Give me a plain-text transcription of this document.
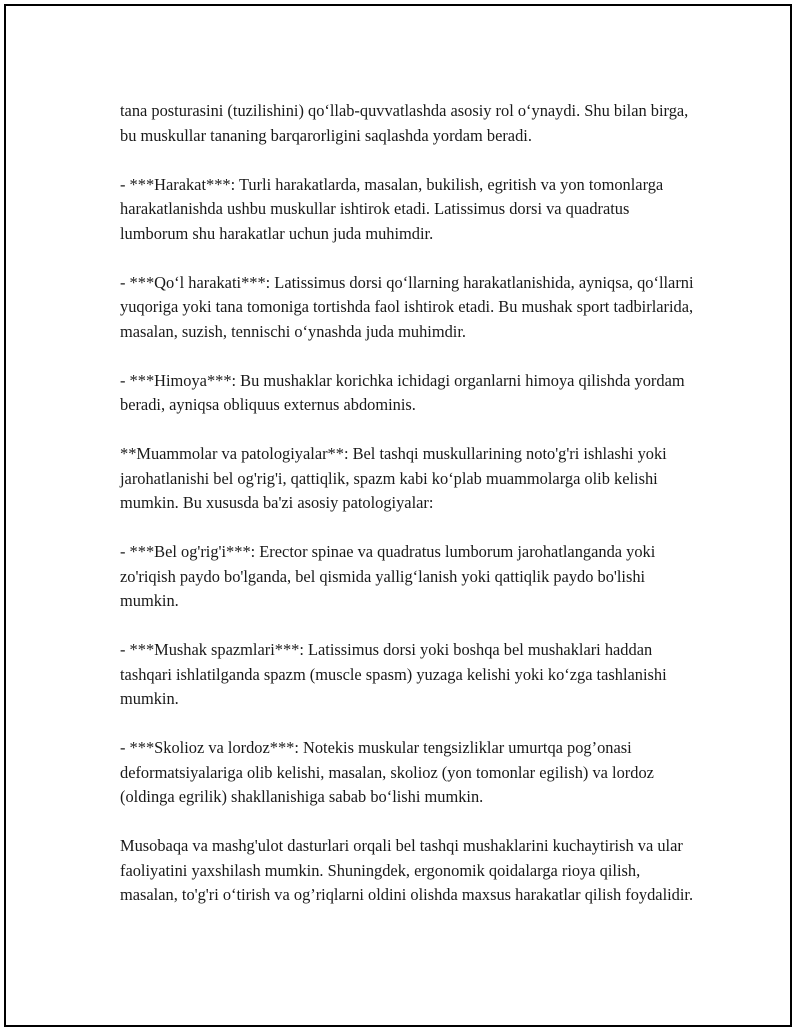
tana posturasini (tuzilishini) qo‘llab-quvvatlashda asosiy rol o‘ynaydi. Shu bilan birga, bu muskullar tananing barqarorligini saqlashda yordam beradi.

- ***Harakat***: Turli harakatlarda, masalan, bukilish, egritish va yon tomonlarga harakatlanishda ushbu muskullar ishtirok etadi. Latissimus dorsi va quadratus lumborum shu harakatlar uchun juda muhimdir.

- ***Qo‘l harakati***: Latissimus dorsi qo‘llarning harakatlanishida, ayniqsa, qo‘llarni yuqoriga yoki tana tomoniga tortishda faol ishtirok etadi. Bu mushak sport tadbirlarida, masalan, suzish, tennischi o‘ynashda juda muhimdir.

- ***Himoya***: Bu mushaklar korichka ichidagi organlarni himoya qilishda yordam beradi, ayniqsa obliquus externus abdominis.

**Muammolar va patologiyalar**: Bel tashqi muskullarining noto'g'ri ishlashi yoki jarohatlanishi bel og'rig'i, qattiqlik, spazm kabi ko‘plab muammolarga olib kelishi mumkin. Bu xususda ba'zi asosiy patologiyalar:

- ***Bel og'rig'i***: Erector spinae va quadratus lumborum jarohatlanganda yoki zo'riqish paydo bo'lganda, bel qismida yallig‘lanish yoki qattiqlik paydo bo'lishi mumkin.

- ***Mushak spazmlari***: Latissimus dorsi yoki boshqa bel mushaklari haddan tashqari ishlatilganda spazm (muscle spasm) yuzaga kelishi yoki ko‘zga tashlanishi mumkin.

- ***Skolioz va lordoz***: Notekis muskular tengsizliklar umurtqa pog’onasi deformatsiyalariga olib kelishi, masalan, skolioz (yon tomonlar egilish) va lordoz (oldinga egrilik) shakllanishiga sabab bo‘lishi mumkin.

Musobaqa va mashg'ulot dasturlari orqali bel tashqi mushaklarini kuchaytirish va ular faoliyatini yaxshilash mumkin. Shuningdek, ergonomik qoidalarga rioya qilish, masalan, to'g'ri o‘tirish va og’riqlarni oldini olishda maxsus harakatlar qilish foydalidir.
